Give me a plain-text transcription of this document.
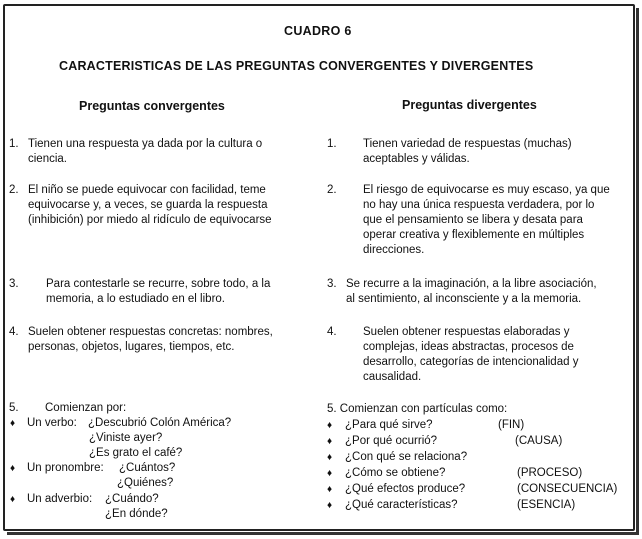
CUADRO 6
CARACTERISTICAS DE LAS PREGUNTAS CONVERGENTES Y DIVERGENTES
Preguntas convergentes	Preguntas divergentes
1. Tienen una respuesta ya dada por la cultura o
ciencia.
1. Tienen variedad de respuestas (muchas)
aceptables y válidas.
2. El niño se puede equivocar con facilidad, teme
equivocarse y, a veces, se guarda la respuesta
(inhibición) por miedo al ridículo de equivocarse
2. El riesgo de equivocarse es muy escaso, ya que
no hay una única respuesta verdadera, por lo
que el pensamiento se libera y desata para
operar creativa y flexiblemente en múltiples
direcciones.
3. Para contestarle se recurre, sobre todo, a la
memoria, a lo estudiado en el libro.
3. Se recurre a la imaginación, a la libre asociación,
al sentimiento, al inconsciente y a la memoria.
4. Suelen obtener respuestas concretas: nombres,
personas, objetos, lugares, tiempos, etc.
4. Suelen obtener respuestas elaboradas y
complejas, ideas abstractas, procesos de
desarrollo, categorías de intencionalidad y
causalidad.
5. Comienzan por:
♦ Un verbo: ¿Descubrió Colón América?
¿Viniste ayer?
¿Es grato el café?
♦ Un pronombre: ¿Cuántos?
¿Quiénes?
♦ Un adverbio: ¿Cuándo?
¿En dónde?
5. Comienzan con partículas como:
♦ ¿Para qué sirve?	(FIN)
♦ ¿Por qué ocurrió?	(CAUSA)
♦ ¿Con qué se relaciona?
♦ ¿Cómo se obtiene?	(PROCESO)
♦ ¿Qué efectos produce?	(CONSECUENCIA)
♦ ¿Qué características?	(ESENCIA)
